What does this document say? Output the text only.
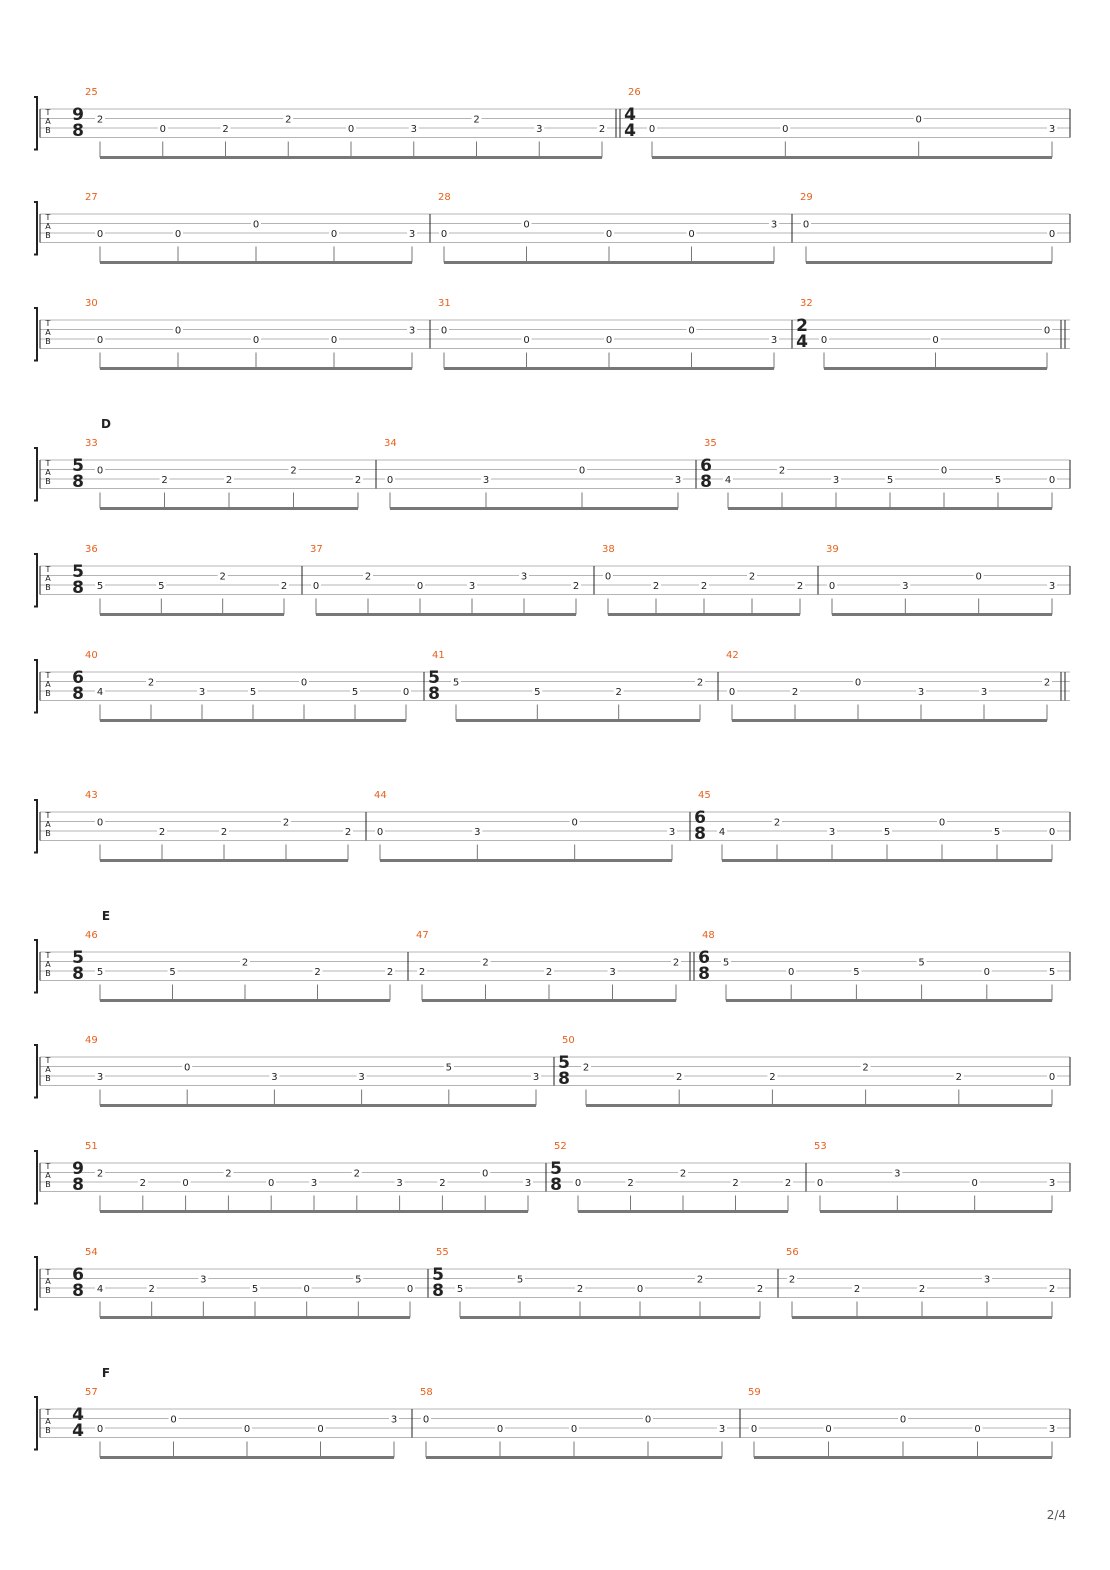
T
A
B
25
9
8
2
0	2
2
0	3
2
3	2
26
4
4 0	0
0
3
T
A
B
27
0	0
0
0	3
28
0
0
0	0
3
29
0
0
T
A
B
30
0
0
0	0
3
31
0
0	0
0
3
32
2
4 0	0
0
T
A
B
D
33
5
8
0
2	2
2
2
34
0	3
0
3
35
6
8 4
2
3	5
0
5	0
T
A
B
36
5
8 5	5
2
2
37
0
2
0	3
3
2
38
0
2	2
2
2
39
0	3
0
3
T
A
B
40
6
8 4
2
3	5
0
5	0
41
5
8
5
5	2
2
42
0	2
0
3	3
2
T
A
B
43
0
2	2
2
2
44
0	3
0
3
45
6
8 4
2
3	5
0
5	0
T
A
B
E
46
5
8 5	5
2
2	2
47
2
2
2	3
2
48
6
8
5
0	5
5
0	5
T
A
B
49
3
0
3	3
5
3
50
5
8
2
2	2
2
2	0
T
A
B
51
9
8
2
2	0
2
0	3
2
3	2
0
3
52
5
8 0	2
2
2	2
53
0
3
0	3
T
A
B
54
6
8 4	2
3
5	0
5
0
55
5
8 5
5
2	0
2
2
56
2
2	2
3
2
T
A
B
F
57
4
4 0
0
0	0
3
58
0
0	0
0
3
59
0	0
0
0	3
2/4
